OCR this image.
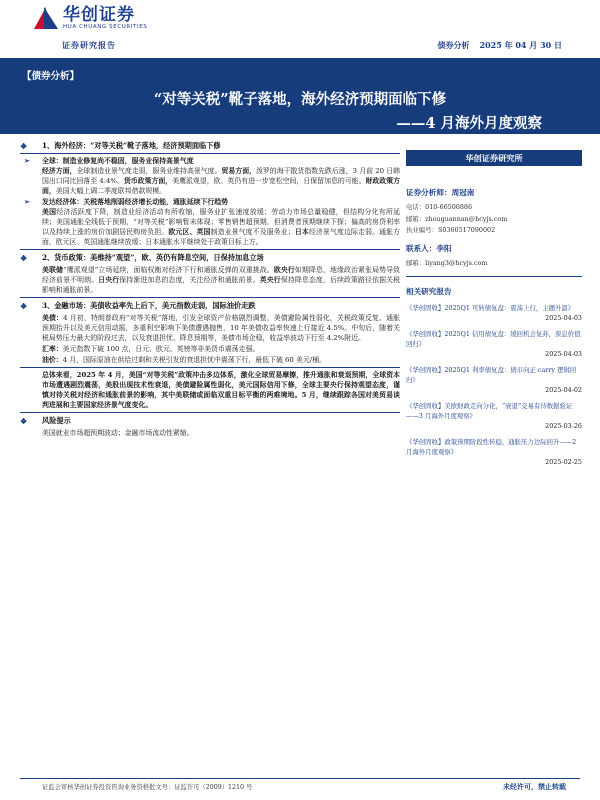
华创证券
HUA CHUANG SECURITIES
证券研究报告	债券分析 2025 年 04 月 30 日
【债券分析】
“对等关税”靴子落地，海外经济预期面临下修
——4 月海外月度观察
❖	1、海外经济：“对等关税”靴子落地，经济预期面临下修
➢	全球：制造业修复尚不稳固，服务业保持高景气度

经济方面，全球制造业景气度走弱，服务业维持高景气度。贸易方面，泼罗的海干散货指数先跌后涨，3 月前 20 日韩国出口同比回落至 4.4%。货币政策方面，美鹰派观望，欧、英仍有进一步宽松空间，日保留加息的可能。财政政策方面，美国大幅上调二季度联邦借款规模。

➢	发达经济体：关税落地削弱经济增长动能，通胀延续下行趋势

美国经济活跃度下降，制造业经济活动有所收缩，服务业扩张速度放缓；劳动力市场总量稳健，但结构分化有所延续；美国通胀全线低于预期，“对等关税”影响暂未体现；零售销售超预期，但消费者预期继续下探；偏高的房贷利率以及持续上涨的房价加剧居民购房负担。欧元区、英国制造业景气度不及服务业；日本经济景气度边际走弱。通胀方面，欧元区、英国通胀继续放缓；日本通胀水平继续处于政策目标上方。

❖	2、货币政策：美维持“观望”，欧、英仍有降息空间，日保持加息立场

美联储“鹰派观望”立场延续，面临权衡对经济下行和通胀反弹的双重挑战。欧央行如期降息，地缘政治紧张局势导致经济前景不明朗。日央行保持渐进加息的态度，关注经济和通胀前景。英央行保持降息态度，后续政策路径依据关税影响和通胀前景。

❖	3、金融市场：美债收益率先上后下，美元指数走弱，国际油价走跌

美债：4 月初，特朗普政府“对等关税”落地，引发全球资产价格剧烈调整，美债避险属性弱化，关税政策反复、通胀预期抬升以及美元信用动摇，多重利空影响下美债遭遇抛售，10 年美债收益率快速上行接近 4.5%。中旬后，随着关税局势压力最大的阶段过去，以及衰退担忧、降息预期等，美债市场企稳，收益率波动下行至 4.2%附近。

汇率：美元指数下破 100 点，日元、欧元、英镑等非美货币震荡走强。

油价：4 月，国际原油在供给过剩和关税引发的衰退担忧中震荡下行，最低下破 60 美元/桶。

总体来看，2025 年 4 月，美国“对等关税”政策冲击多边体系，激化全球贸易摩擦，推升通胀和衰退预期，全球资本市场遭遇剧烈震荡，美股出现技术性衰退，美债避险属性弱化，美元国际信用下修，全球主要央行保持观望态度，谨慎对待关税对经济和通胀前景的影响，其中美联储或面临双重目标平衡的两难境地。5 月，继续跟踪各国对美贸易谈判进展和主要国家经济景气度变化。

❖	风险提示

美国就业市场超预期波动；金融市场流动性紧缩。

华创证券研究所
证券分析师：周冠南
电话：010-66500886
邮箱：zhouguannan@hcyjs.com
执业编号：S0360517090002
联系人：李阳
邮箱：liyang3@hcyjs.com
相关研究报告
《华创固收】2025Q1 可转债复盘：震荡上行，主题升温》
2025-04-03
《华创固收】2025Q1 信用债复盘：缓回机会复苏，票息价值回归》
2025-04-03
《华创固收】2025Q1 利率债复盘：债市向正 carry 逻辑回归》
2025-04-02
《华创固收】美欧财政走向分化，“衰退”交易有待数据验证——3 月海外月度观察》
2025-03-26
《华创固收】政策预期阶段性转稳，通胀压力边际回升——2 月海外月度观察》
2025-02-25
证监会审核华创证券投资咨询业务资格批文号：证监许可（2009）1210 号	未经许可，禁止转载
